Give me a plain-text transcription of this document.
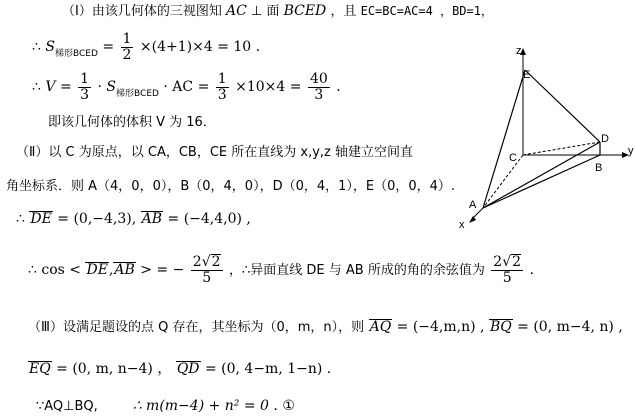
（Ⅰ）由该几何体的三视图知 AC ⊥ 面 BCED ，且 EC=BC=AC=4 ，BD=1，
∴ $S_{梯形BCED} = \frac{1}{2} \times(4+1)\times 4 = 10$ .
∴ $V = \frac{1}{3} \cdot S_{梯形BCED}$ · AC = $\frac{1}{3} \times 10\times 4 = \frac{40}{3}$ .
即该几何体的体积 V 为 16．
（Ⅱ）以 C 为原点，以 CA，CB，CE 所在直线为 x,y,z 轴建立空间直
角坐标系．则 A（4，0，0），B（0，4，0），D（0，4，1），E（0，0，4）.
∴ DE = (0,−4,3), AB = (−4,4,0) ,
∴ cos < DE,AB > = − $\frac{2√2}{5}$ ，∴异面直线 DE 与 AB 所成的角的余弦值为 $\frac{2√2}{5}$ .
（Ⅲ）设满足题设的点 Q 存在，其坐标为（0，m，n），则 AQ = (−4,m,n) , BQ = (0, m−4, n) ,
EQ = (0, m, n−4) ， QD = (0, 4−m, 1−n) .
∵AQ⊥BQ, ∴ m(m−4) + n² = 0 . ①
z
E
D
C
y
B
A
x
